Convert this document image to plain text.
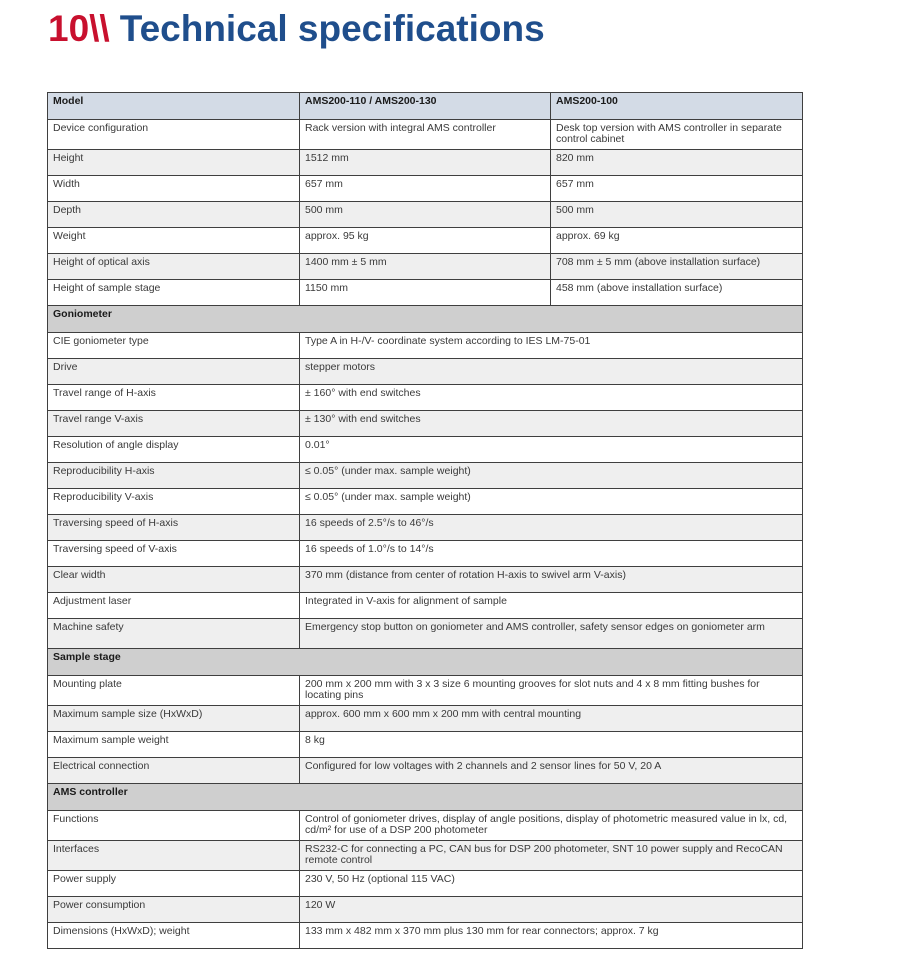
10\\ Technical specifications
Model	AMS200-110 / AMS200-130	AMS200-100
Device configuration	Rack version with integral AMS controller	Desk top version with AMS controller in separate control cabinet
Height	1512 mm	820 mm
Width	657 mm	657 mm
Depth	500 mm	500 mm
Weight	approx. 95 kg	approx. 69 kg
Height of optical axis	1400 mm ± 5 mm	708 mm ± 5 mm (above installation surface)
Height of sample stage	1150 mm	458 mm (above installation surface)
Goniometer		
CIE goniometer type	Type A in H-/V- coordinate system according to IES LM-75-01	
Drive	stepper motors	
Travel range of H-axis	± 160° with end switches	
Travel range V-axis	± 130° with end switches	
Resolution of angle display	0.01°	
Reproducibility H-axis	≤ 0.05° (under max. sample weight)	
Reproducibility V-axis	≤ 0.05° (under max. sample weight)	
Traversing speed of H-axis	16 speeds of 2.5°/s to 46°/s	
Traversing speed of V-axis	16 speeds of 1.0°/s to 14°/s	
Clear width	370 mm (distance from center of rotation H-axis to swivel arm V-axis)	
Adjustment laser	Integrated in V-axis for alignment of sample	
Machine safety	Emergency stop button on goniometer and AMS controller, safety sensor edges on goniometer arm	
Sample stage		
Mounting plate	200 mm x 200 mm with 3 x 3 size 6 mounting grooves for slot nuts and 4 x 8 mm fitting bushes for locating pins	
Maximum sample size (HxWxD)	approx. 600 mm x 600 mm x 200 mm with central mounting	
Maximum sample weight	8 kg	
Electrical connection	Configured for low voltages with 2 channels and 2 sensor lines for 50 V, 20 A	
AMS controller		
Functions	Control of goniometer drives, display of angle positions, display of photometric measured value in lx, cd, cd/m² for use of a DSP 200 photometer	
Interfaces	RS232-C for connecting a PC, CAN bus for DSP 200 photometer, SNT 10 power supply and RecoCAN remote control	
Power supply	230 V, 50 Hz (optional 115 VAC)	
Power consumption	120 W	
Dimensions (HxWxD); weight	133 mm x 482 mm x 370 mm plus 130 mm for rear connectors; approx. 7 kg	
